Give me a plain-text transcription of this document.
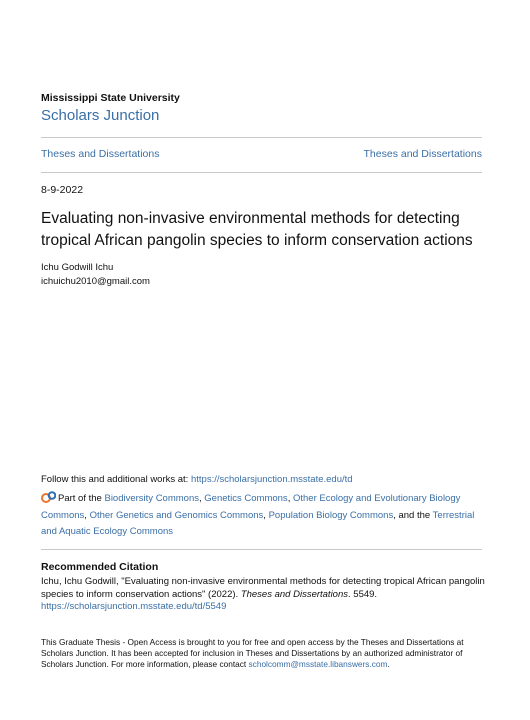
Mississippi State University
Scholars Junction
Theses and Dissertations	Theses and Dissertations
8-9-2022
Evaluating non-invasive environmental methods for detecting tropical African pangolin species to inform conservation actions
Ichu Godwill Ichu
ichuichu2010@gmail.com
Follow this and additional works at: https://scholarsjunction.msstate.edu/td
Part of the Biodiversity Commons, Genetics Commons, Other Ecology and Evolutionary Biology Commons, Other Genetics and Genomics Commons, Population Biology Commons, and the Terrestrial and Aquatic Ecology Commons
Recommended Citation
Ichu, Ichu Godwill, "Evaluating non-invasive environmental methods for detecting tropical African pangolin species to inform conservation actions" (2022). Theses and Dissertations. 5549.
https://scholarsjunction.msstate.edu/td/5549
This Graduate Thesis - Open Access is brought to you for free and open access by the Theses and Dissertations at Scholars Junction. It has been accepted for inclusion in Theses and Dissertations by an authorized administrator of Scholars Junction. For more information, please contact scholcomm@msstate.libanswers.com.
